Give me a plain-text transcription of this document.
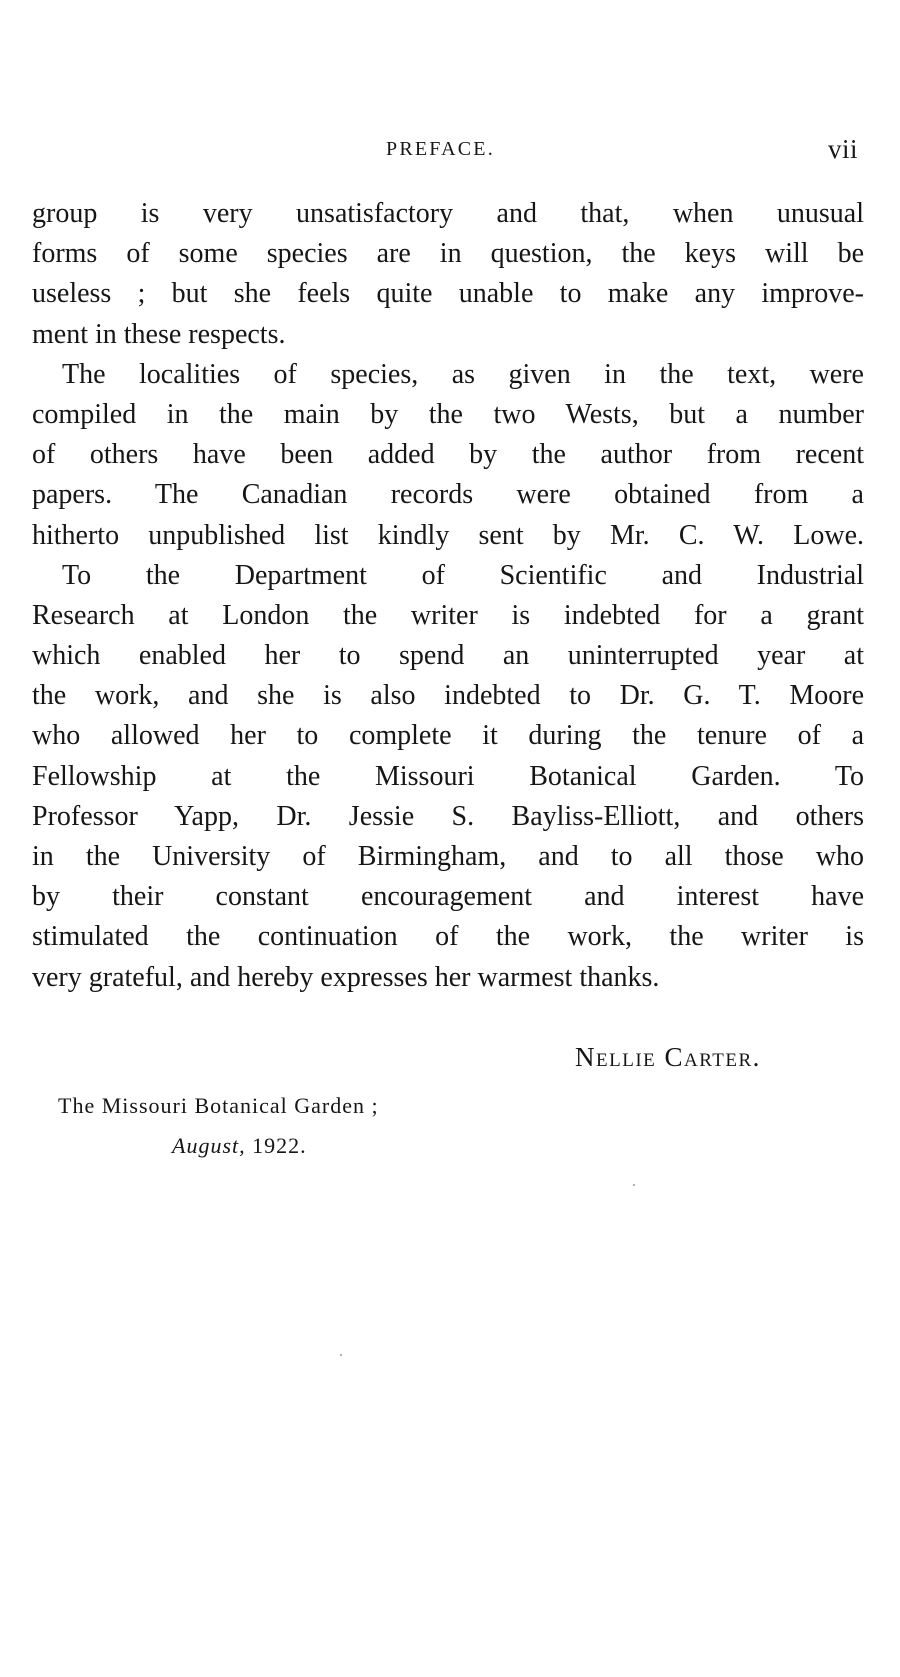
PREFACE.	vii
group is very unsatisfactory and that, when unusual
forms of some species are in question, the keys will be
useless ; but she feels quite unable to make any improve-
ment in these respects.
The localities of species, as given in the text, were
compiled in the main by the two Wests, but a number
of others have been added by the author from recent
papers. The Canadian records were obtained from a
hitherto unpublished list kindly sent by Mr. C. W. Lowe.
To the Department of Scientific and Industrial
Research at London the writer is indebted for a grant
which enabled her to spend an uninterrupted year at
the work, and she is also indebted to Dr. G. T. Moore
who allowed her to complete it during the tenure of a
Fellowship at the Missouri Botanical Garden. To
Professor Yapp, Dr. Jessie S. Bayliss-Elliott, and others
in the University of Birmingham, and to all those who
by their constant encouragement and interest have
stimulated the continuation of the work, the writer is
very grateful, and hereby expresses her warmest thanks.
Nellie Carter.
The Missouri Botanical Garden ;
August, 1922.
